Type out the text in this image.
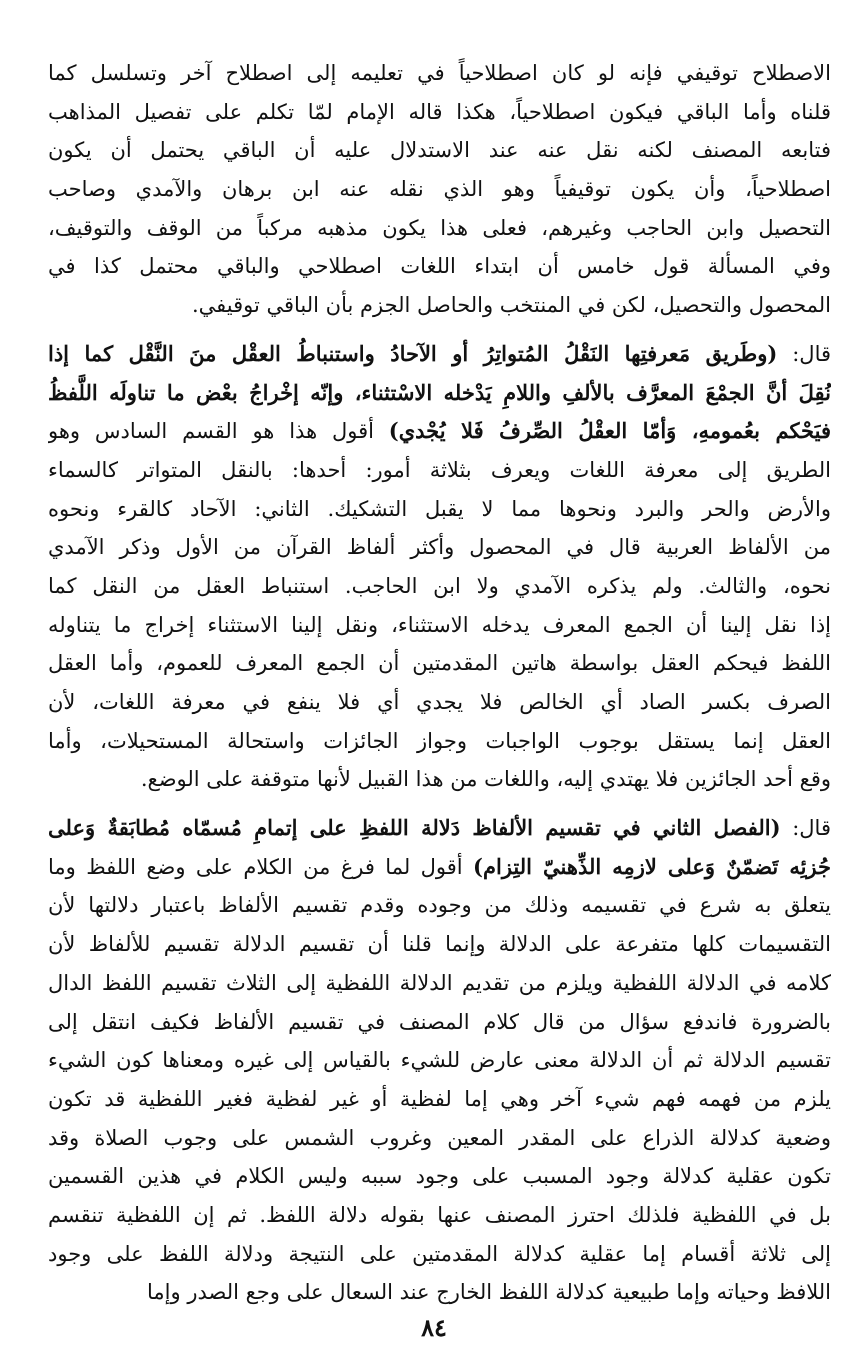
الاصطلاح توقيفي فإنه لو كان اصطلاحياً في تعليمه إلى اصطلاح آخر وتسلسل كما
قلناه وأما الباقي فيكون اصطلاحياً، هكذا قاله الإمام لمّا تكلم على تفصيل المذاهب
فتابعه المصنف لكنه نقل عنه عند الاستدلال عليه أن الباقي يحتمل أن يكون
اصطلاحياً، وأن يكون توقيفياً وهو الذي نقله عنه ابن برهان والآمدي وصاحب
التحصيل وابن الحاجب وغيرهم، فعلى هذا يكون مذهبه مركباً من الوقف والتوقيف،
وفي المسألة قول خامس أن ابتداء اللغات اصطلاحي والباقي محتمل كذا في
المحصول والتحصيل، لكن في المنتخب والحاصل الجزم بأن الباقي توقيفي.
قال: (وطَريق مَعرفتِها النَقْلُ المُتواتِرُ أو الآحادُ واستنباطُ العقْل منَ النَّقْل كما إذا
نُقِلَ أنَّ الجمْعَ المعرَّف بالألفِ واللامِ يَدْخله الاسْتثناء، وإنّه إخْراجُ بعْض ما تناولَه اللَّفظُ
فيَحْكم بعُمومهِ، وَأمّا العقْلُ الصِّرفُ فَلا يُجْدي) أقول هذا هو القسم السادس وهو
الطريق إلى معرفة اللغات ويعرف بثلاثة أمور: أحدها: بالنقل المتواتر كالسماء
والأرض والحر والبرد ونحوها مما لا يقبل التشكيك. الثاني: الآحاد كالقرء ونحوه
من الألفاظ العربية قال في المحصول وأكثر ألفاظ القرآن من الأول وذكر الآمدي
نحوه، والثالث. ولم يذكره الآمدي ولا ابن الحاجب. استنباط العقل من النقل كما
إذا نقل إلينا أن الجمع المعرف يدخله الاستثناء، ونقل إلينا الاستثناء إخراج ما يتناوله
اللفظ فيحكم العقل بواسطة هاتين المقدمتين أن الجمع المعرف للعموم، وأما العقل
الصرف بكسر الصاد أي الخالص فلا يجدي أي فلا ينفع في معرفة اللغات، لأن
العقل إنما يستقل بوجوب الواجبات وجواز الجائزات واستحالة المستحيلات، وأما
وقع أحد الجائزين فلا يهتدي إليه، واللغات من هذا القبيل لأنها متوقفة على الوضع.
قال: (الفصل الثاني في تقسيم الألفاظ دَلالة اللفظِ على إتمامِ مُسمّاه مُطابَقةٌ وَعلى
جُزئِه تَضمّنٌ وَعلى لازمِه الذِّهنيّ التِزام) أقول لما فرغ من الكلام على وضع اللفظ وما
يتعلق به شرع في تقسيمه وذلك من وجوده وقدم تقسيم الألفاظ باعتبار دلالتها لأن
التقسيمات كلها متفرعة على الدلالة وإنما قلنا أن تقسيم الدلالة تقسيم للألفاظ لأن
كلامه في الدلالة اللفظية ويلزم من تقديم الدلالة اللفظية إلى الثلاث تقسيم اللفظ الدال
بالضرورة فاندفع سؤال من قال كلام المصنف في تقسيم الألفاظ فكيف انتقل إلى
تقسيم الدلالة ثم أن الدلالة معنى عارض للشيء بالقياس إلى غيره ومعناها كون الشيء
يلزم من فهمه فهم شيء آخر وهي إما لفظية أو غير لفظية فغير اللفظية قد تكون
وضعية كدلالة الذراع على المقدر المعين وغروب الشمس على وجوب الصلاة وقد
تكون عقلية كدلالة وجود المسبب على وجود سببه وليس الكلام في هذين القسمين
بل في اللفظية فلذلك احترز المصنف عنها بقوله دلالة اللفظ. ثم إن اللفظية تنقسم
إلى ثلاثة أقسام إما عقلية كدلالة المقدمتين على النتيجة ودلالة اللفظ على وجود
اللافظ وحياته وإما طبيعية كدلالة اللفظ الخارج عند السعال على وجع الصدر وإما
٨٤
